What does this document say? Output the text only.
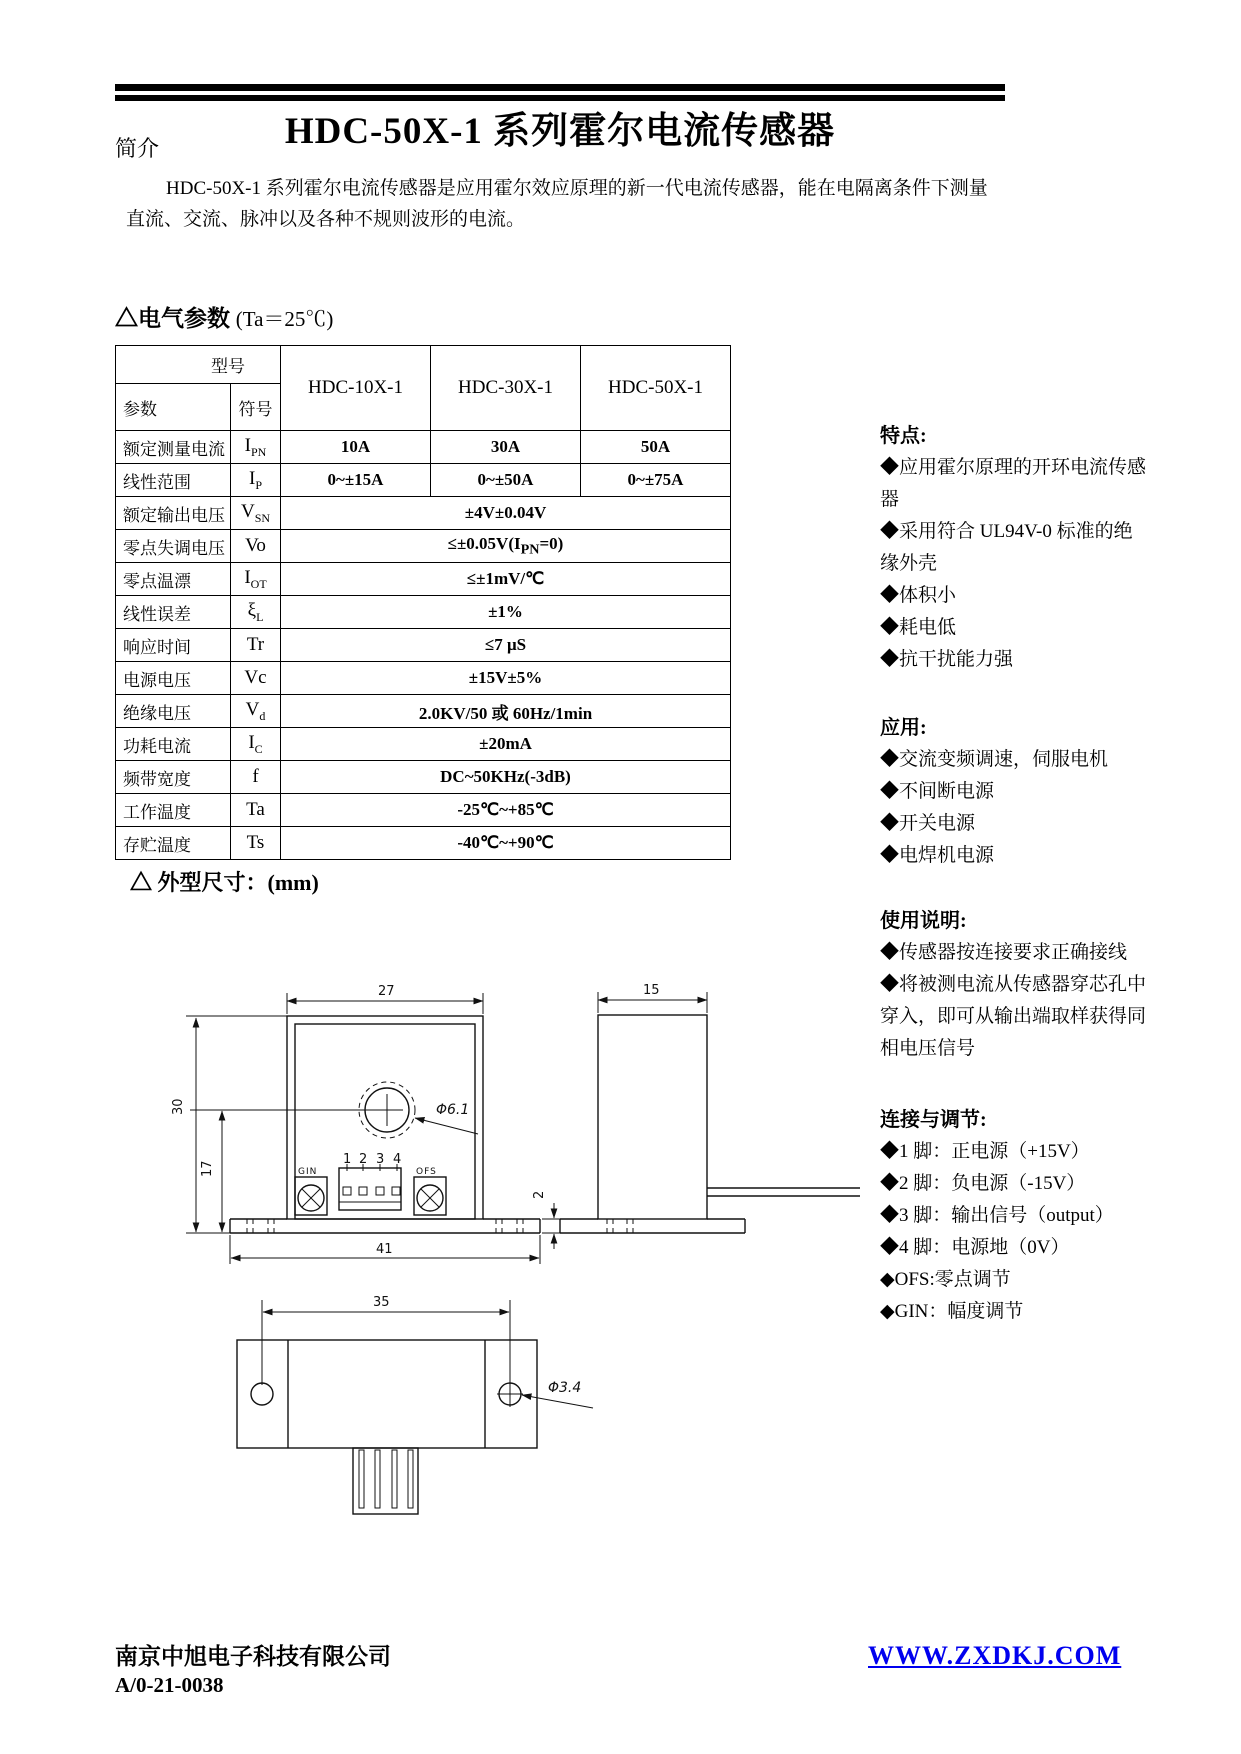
HDC-50X-1 系列霍尔电流传感器
简介
HDC-50X-1 系列霍尔电流传感器是应用霍尔效应原理的新一代电流传感器，能在电隔离条件下测量直流、交流、脉冲以及各种不规则波形的电流。
△电气参数 (Ta＝25℃)
型号		HDC-10X-1	HDC-30X-1	HDC-50X-1
参数	符号			
额定测量电流	$I_{PN}$	10A	30A	50A
线性范围	$I_P$	0~±15A	0~±50A	0~±75A
额定输出电压	$V_{SN}$	±4V±0.04V		
零点失调电压	Vo	$\le\pm 0.05V(I_{PN}=0)$		
零点温漂	$I_{OT}$	≤±1mV/℃		
线性误差	$\xi_L$	±1%		
响应时间	Tr	≤7 μS		
电源电压	Vc	±15V±5%		
绝缘电压	$V_d$	2.0KV/50 或 60Hz/1min		
功耗电流	$I_C$	±20mA		
频带宽度	f	DC~50KHz(-3dB)		
工作温度	Ta	-25℃~+85℃		
存贮温度	Ts	-40℃~+90℃		
△ 外型尺寸：(mm)
27
Φ6.1
30
17	GIN
1 2 3 4
OFS
41
2
15
35
Φ3.4
南京中旭电子科技有限公司
A/0-21-0038
WWW.ZXDKJ.COM
特点:
◆应用霍尔原理的开环电流传感器
◆采用符合 UL94V-0 标准的绝缘外壳
◆体积小
◆耗电低
◆抗干扰能力强
应用:
◆交流变频调速，伺服电机
◆不间断电源
◆开关电源
◆电焊机电源
使用说明:
◆传感器按连接要求正确接线
◆将被测电流从传感器穿芯孔中穿入，即可从输出端取样获得同相电压信号
连接与调节:
◆1 脚：正电源（+15V）
◆2 脚：负电源（-15V）
◆3 脚：输出信号（output）
◆4 脚：电源地（0V）
◆OFS:零点调节
◆GIN：幅度调节
